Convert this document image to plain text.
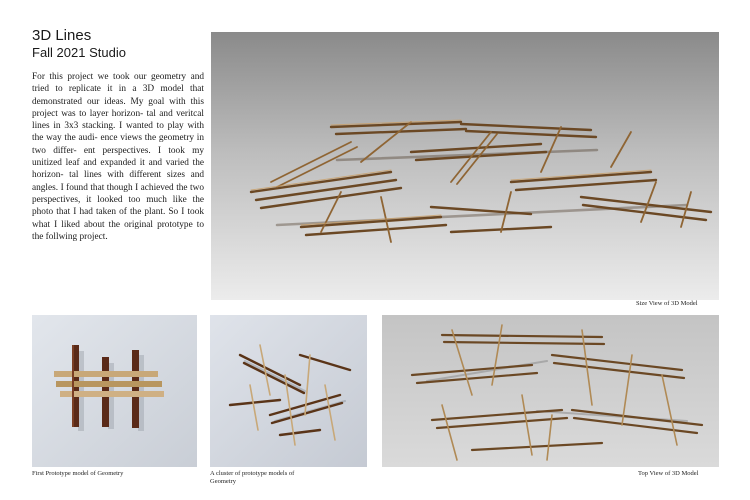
3D Lines
Fall 2021 Studio

For this project we took our geometry and tried to replicate it in a 3D model that demonstrated our ideas. My goal with this project was to layer horizon- tal and veritcal lines in 3x3 stacking. I wanted to play with the way the audi- ence views the geometry in two differ- ent perspectives. I took my unitized leaf and expanded it and varied the horizon- tal lines with different sizes and angles. I found that though I achieved the two perspectives, it looked too much like the photo that I had taken of the plant. So I took what I liked about the original prototype to the follwing project.

Size View of 3D Model
First Prototype model of Geometry	A cluster of prototype models of Geometry
Top View of 3D Model
